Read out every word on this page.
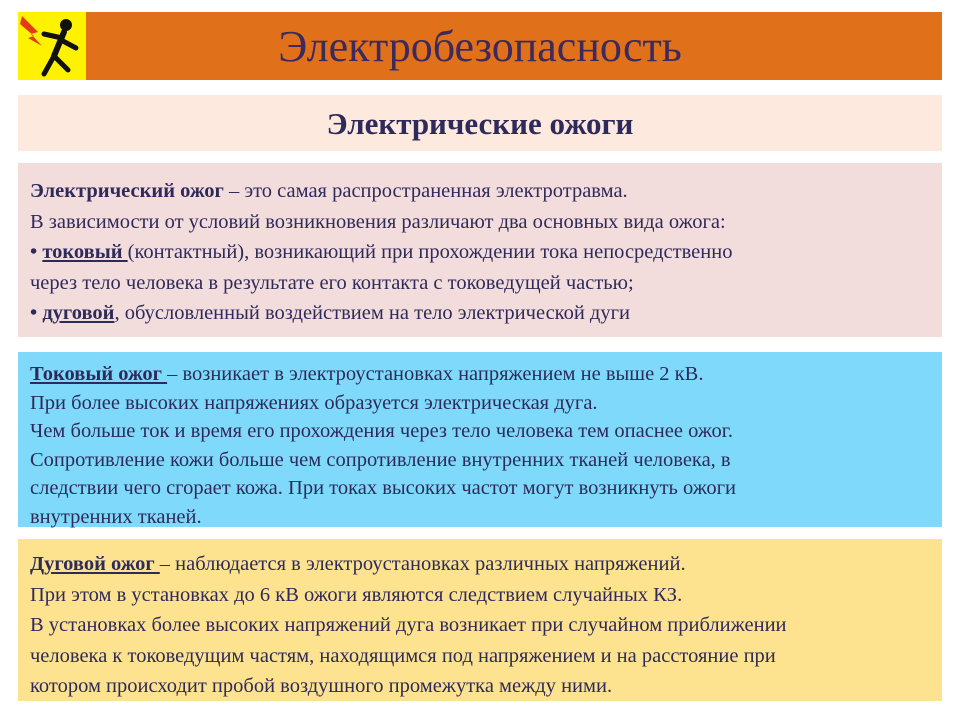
Электробезопасность
Электрические ожоги
Электрический ожог – это самая распространенная электротравма.
В зависимости от условий возникновения различают два основных вида ожога:
• токовый (контактный), возникающий при прохождении тока непосредственно
через тело человека в результате его контакта с токоведущей частью;
• дуговой, обусловленный воздействием на тело электрической дуги
Токовый ожог – возникает в электроустановках напряжением не выше 2 кВ.
При более высоких напряжениях образуется электрическая дуга.
Чем больше ток и время его прохождения через тело человека тем опаснее ожог.
Сопротивление кожи больше чем сопротивление внутренних тканей человека, в
следствии чего сгорает кожа. При токах высоких частот могут возникнуть ожоги
внутренних тканей.
Дуговой ожог – наблюдается в электроустановках различных напряжений.
При этом в установках до 6 кВ ожоги являются следствием случайных КЗ.
В установках более высоких напряжений дуга возникает при случайном приближении
человека к токоведущим частям, находящимся под напряжением и на расстояние при
котором происходит пробой воздушного промежутка между ними.
